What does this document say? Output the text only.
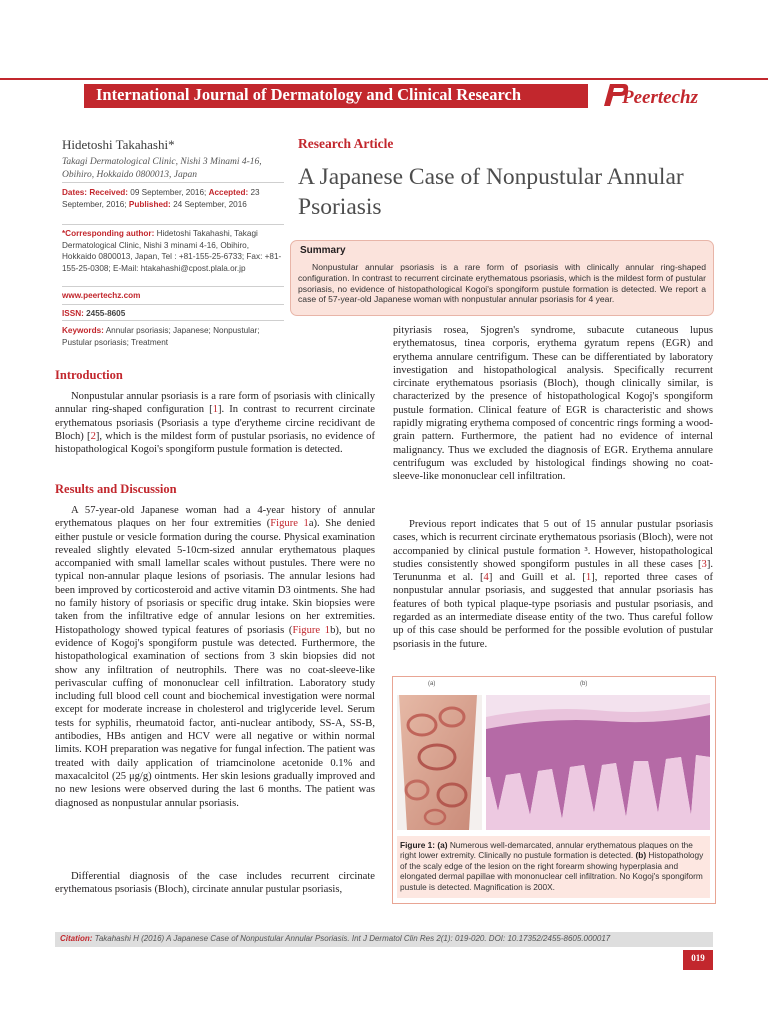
International Journal of Dermatology and Clinical Research	Peertechz
Hidetoshi Takahashi*
Takagi Dermatological Clinic, Nishi 3 Minami 4-16, Obihiro, Hokkaido 0800013, Japan
Dates: Received: 09 September, 2016; Accepted: 23 September, 2016; Published: 24 September, 2016
*Corresponding author: Hidetoshi Takahashi, Takagi Dermatological Clinic, Nishi 3 minami 4-16, Obihiro, Hokkaido 0800013, Japan, Tel : +81-155-25-6733; Fax: +81-155-25-0308; E-Mail: htakahashi@cpost.plala.or.jp
www.peertechz.com
ISSN: 2455-8605
Keywords: Annular psoriasis; Japanese; Nonpustular; Pustular psoriasis; Treatment
Research Article
A Japanese Case of Nonpustular Annular Psoriasis
Summary
Nonpustular annular psoriasis is a rare form of psoriasis with clinically annular ring-shaped configuration. In contrast to recurrent circinate erythematous psoriasis, which is the mildest form of pustular psoriasis, no evidence of histopathological Kogoi's spongiform pustule formation is detected. We report a case of 57-year-old Japanese woman with nonpustular annular psoriasis for 4 year.
Introduction
Nonpustular annular psoriasis is a rare form of psoriasis with clinically annular ring-shaped configuration [1]. In contrast to recurrent circinate erythematous psoriasis (Psoriasis a type d'erytheme circine recidivant de Bloch) [2], which is the mildest form of pustular psoriasis, no evidence of histopathological Kogoi's spongiform pustule formation is detected.
Results and Discussion
A 57-year-old Japanese woman had a 4-year history of annular erythematous plaques on her four extremities (Figure 1a). She denied either pustule or vesicle formation during the course. Physical examination revealed slightly elevated 5-10cm-sized annular erythematous plaques accompanied with small lamellar scales without pustules. There were no typical non-annular plaque lesions of psoriasis. The annular lesions had been improved by corticosteroid and active vitamin D3 ointments. She had no family history of psoriasis or specific drug intake. Skin biopsies were taken from the infiltrative edge of annular lesions on her extremities. Histopathology showed typical features of psoriasis (Figure 1b), but no evidence of Kogoj's spongiform pustule was detected. Furthermore, the histopathological examination of sections from 3 skin biopsies did not show any infiltration of neutrophils. There was no coat-sleeve-like perivascular cuffing of mononuclear cell infiltration. Laboratory study including full blood cell count and biochemical investigation were normal except for moderate increase in cholesterol and triglyceride level. Serum tests for syphilis, rheumatoid factor, anti-nuclear antibody, SS-A, SS-B, antibodies, HBs antigen and HCV were all negative or within normal limits. KOH preparation was negative for fungal infection. The patient was treated with daily application of triamcinolone acetonide 0.1% and maxacalcitol (25 μg/g) ointments. Her skin lesions gradually improved and no new lesions were observed during the last 6 months. The patient was diagnosed as nonpustular annular psoriasis.
Differential diagnosis of the case includes recurrent circinate erythematous psoriasis (Bloch), circinate annular pustular psoriasis,
pityriasis rosea, Sjogren's syndrome, subacute cutaneous lupus erythematosus, tinea corporis, erythema gyratum repens (EGR) and erythema annulare centrifigum. These can be differentiated by laboratory investigation and histopathological analysis. Specifically recurrent circinate erythematous psoriasis (Bloch), though clinically similar, is characterized by the presence of histopathological Kogoj's spongiform pustule formation. Clinical feature of EGR is characteristic and shows rapidly migrating erythema composed of concentric rings forming a wood-grain pattern. Furthermore, the patient had no evidence of internal malignancy. Thus we excluded the diagnosis of EGR. Erythema annulare centrifugum was excluded by histological findings showing no coat-sleeve-like mononuclear cell infiltration.
Previous report indicates that 5 out of 15 annular pustular psoriasis cases, which is recurrent circinate erythematous psoriasis (Bloch), were not accompanied by clinical pustule formation ³. However, histopathological studies consistently showed spongiform pustules in all these cases [3]. Terununma et al. [4] and Guill et al. [1], reported three cases of nonpustular annular psoriasis, and suggested that annular psoriasis has features of both typical plaque-type psoriasis and pustular psoriasis, and regarded as an intermediate disease entity of the two. Thus careful follow up of this case should be performed for the possible evolution of pustular psoriasis in the future.
(a)	(b)
Figure 1: (a) Numerous well-demarcated, annular erythematous plaques on the right lower extremity. Clinically no pustule formation is detected. (b) Histopathology of the scaly edge of the lesion on the right forearm showing hyperplasia and elongated dermal papillae with mononuclear cell infiltration. No Kogoj's spongiform pustule is detected. Magnification is 200X.
Citation: Takahashi H (2016) A Japanese Case of Nonpustular Annular Psoriasis. Int J Dermatol Clin Res 2(1): 019-020. DOI: 10.17352/2455-8605.000017
019
